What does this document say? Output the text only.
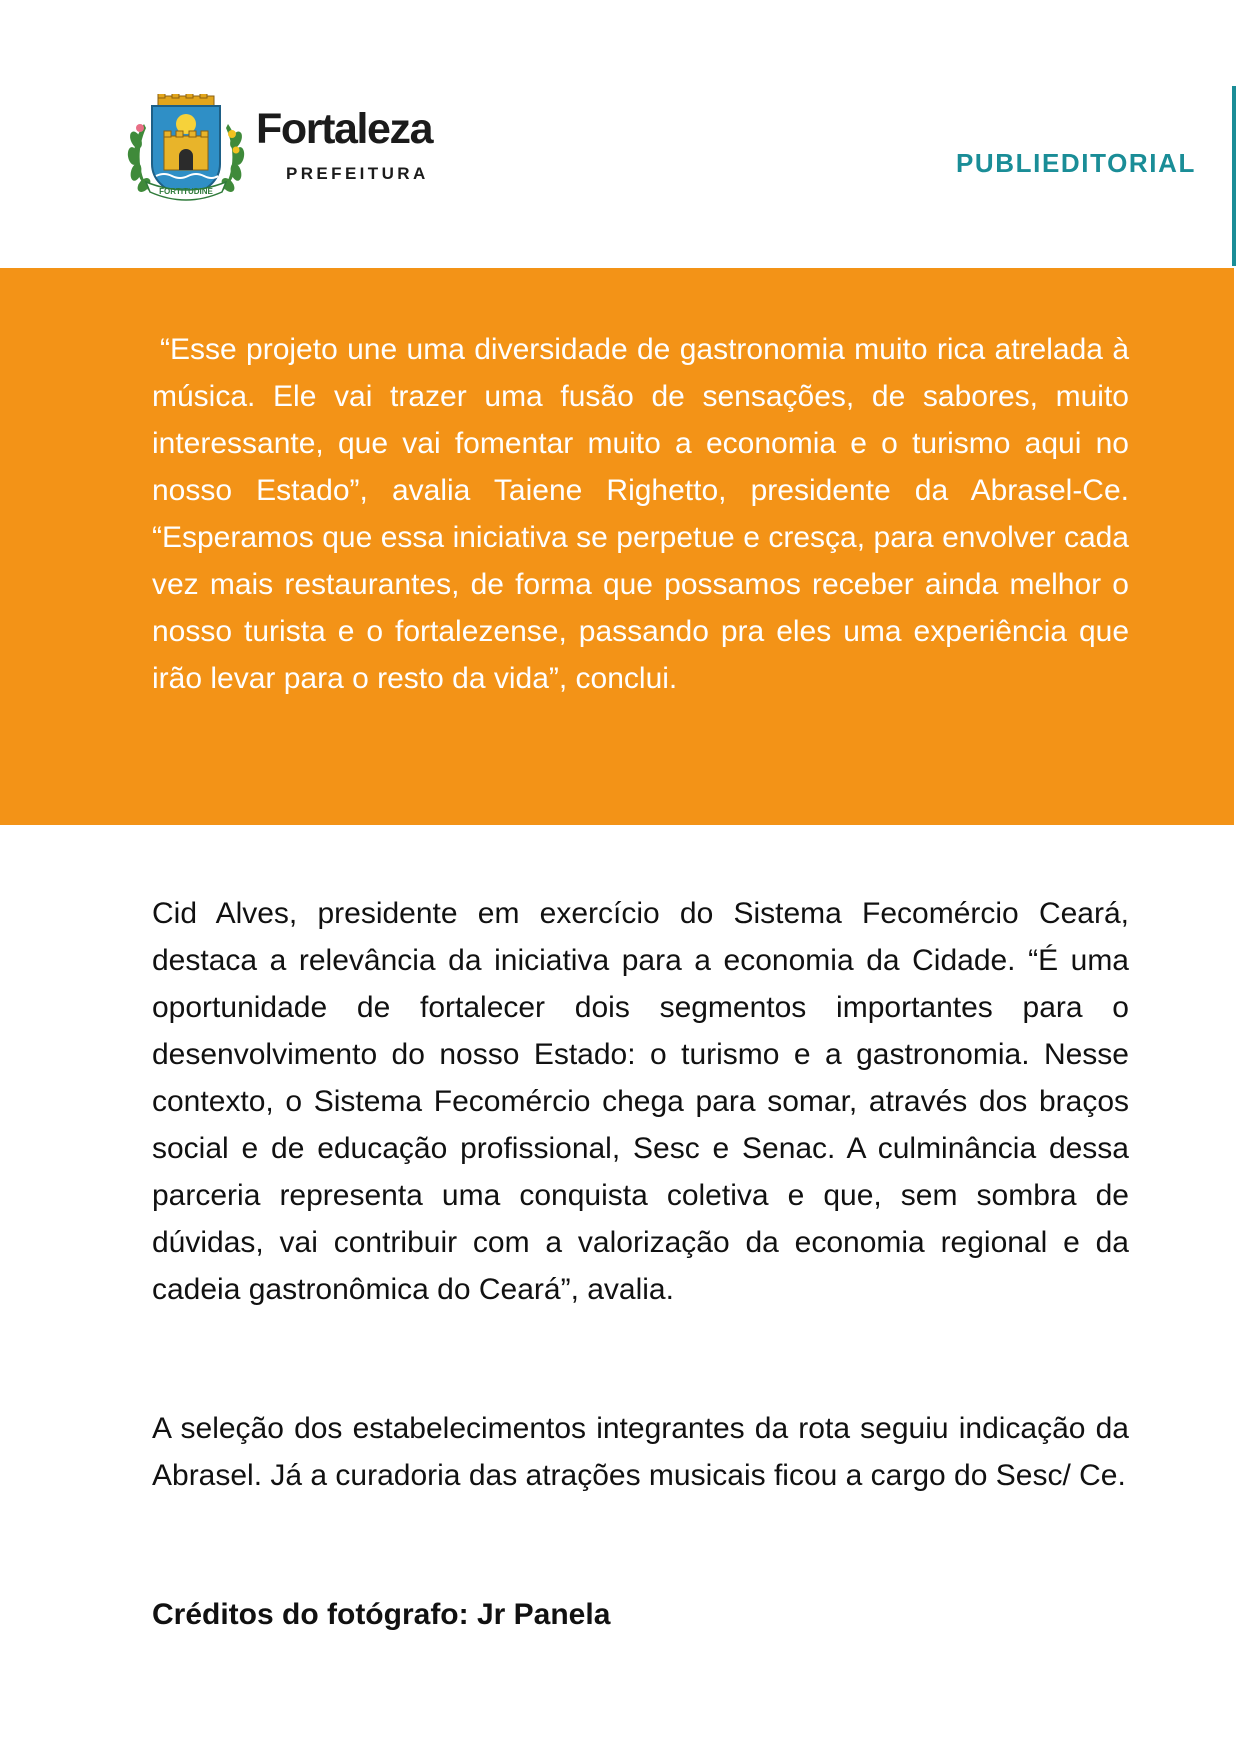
FORTITUDINE
Fortaleza
PREFEITURA	PUBLIEDITORIAL

“Esse projeto une uma diversidade de gastronomia muito rica atrelada à música. Ele vai trazer uma fusão de sensações, de sabores, muito interessante, que vai fomentar muito a economia e o turismo aqui no nosso Estado”, avalia Taiene Righetto, presidente da Abrasel-Ce. “Esperamos que essa iniciativa se perpetue e cresça, para envolver cada vez mais restaurantes, de forma que possamos receber ainda melhor o nosso turista e o fortalezense, passando pra eles uma experiência que irão levar para o resto da vida”, conclui.

Cid Alves, presidente em exercício do Sistema Fecomércio Ceará, destaca a relevância da iniciativa para a economia da Cidade. “É uma oportunidade de fortalecer dois segmentos importantes para o desenvolvimento do nosso Estado: o turismo e a gastronomia. Nesse contexto, o Sistema Fecomércio chega para somar, através dos braços social e de educação profissional, Sesc e Senac. A culminância dessa parceria representa uma conquista coletiva e que, sem sombra de dúvidas, vai contribuir com a valorização da economia regional e da cadeia gastronômica do Ceará”, avalia.

A seleção dos estabelecimentos integrantes da rota seguiu indicação da Abrasel. Já a curadoria das atrações musicais ficou a cargo do Sesc/ Ce.

Créditos do fotógrafo: Jr Panela
